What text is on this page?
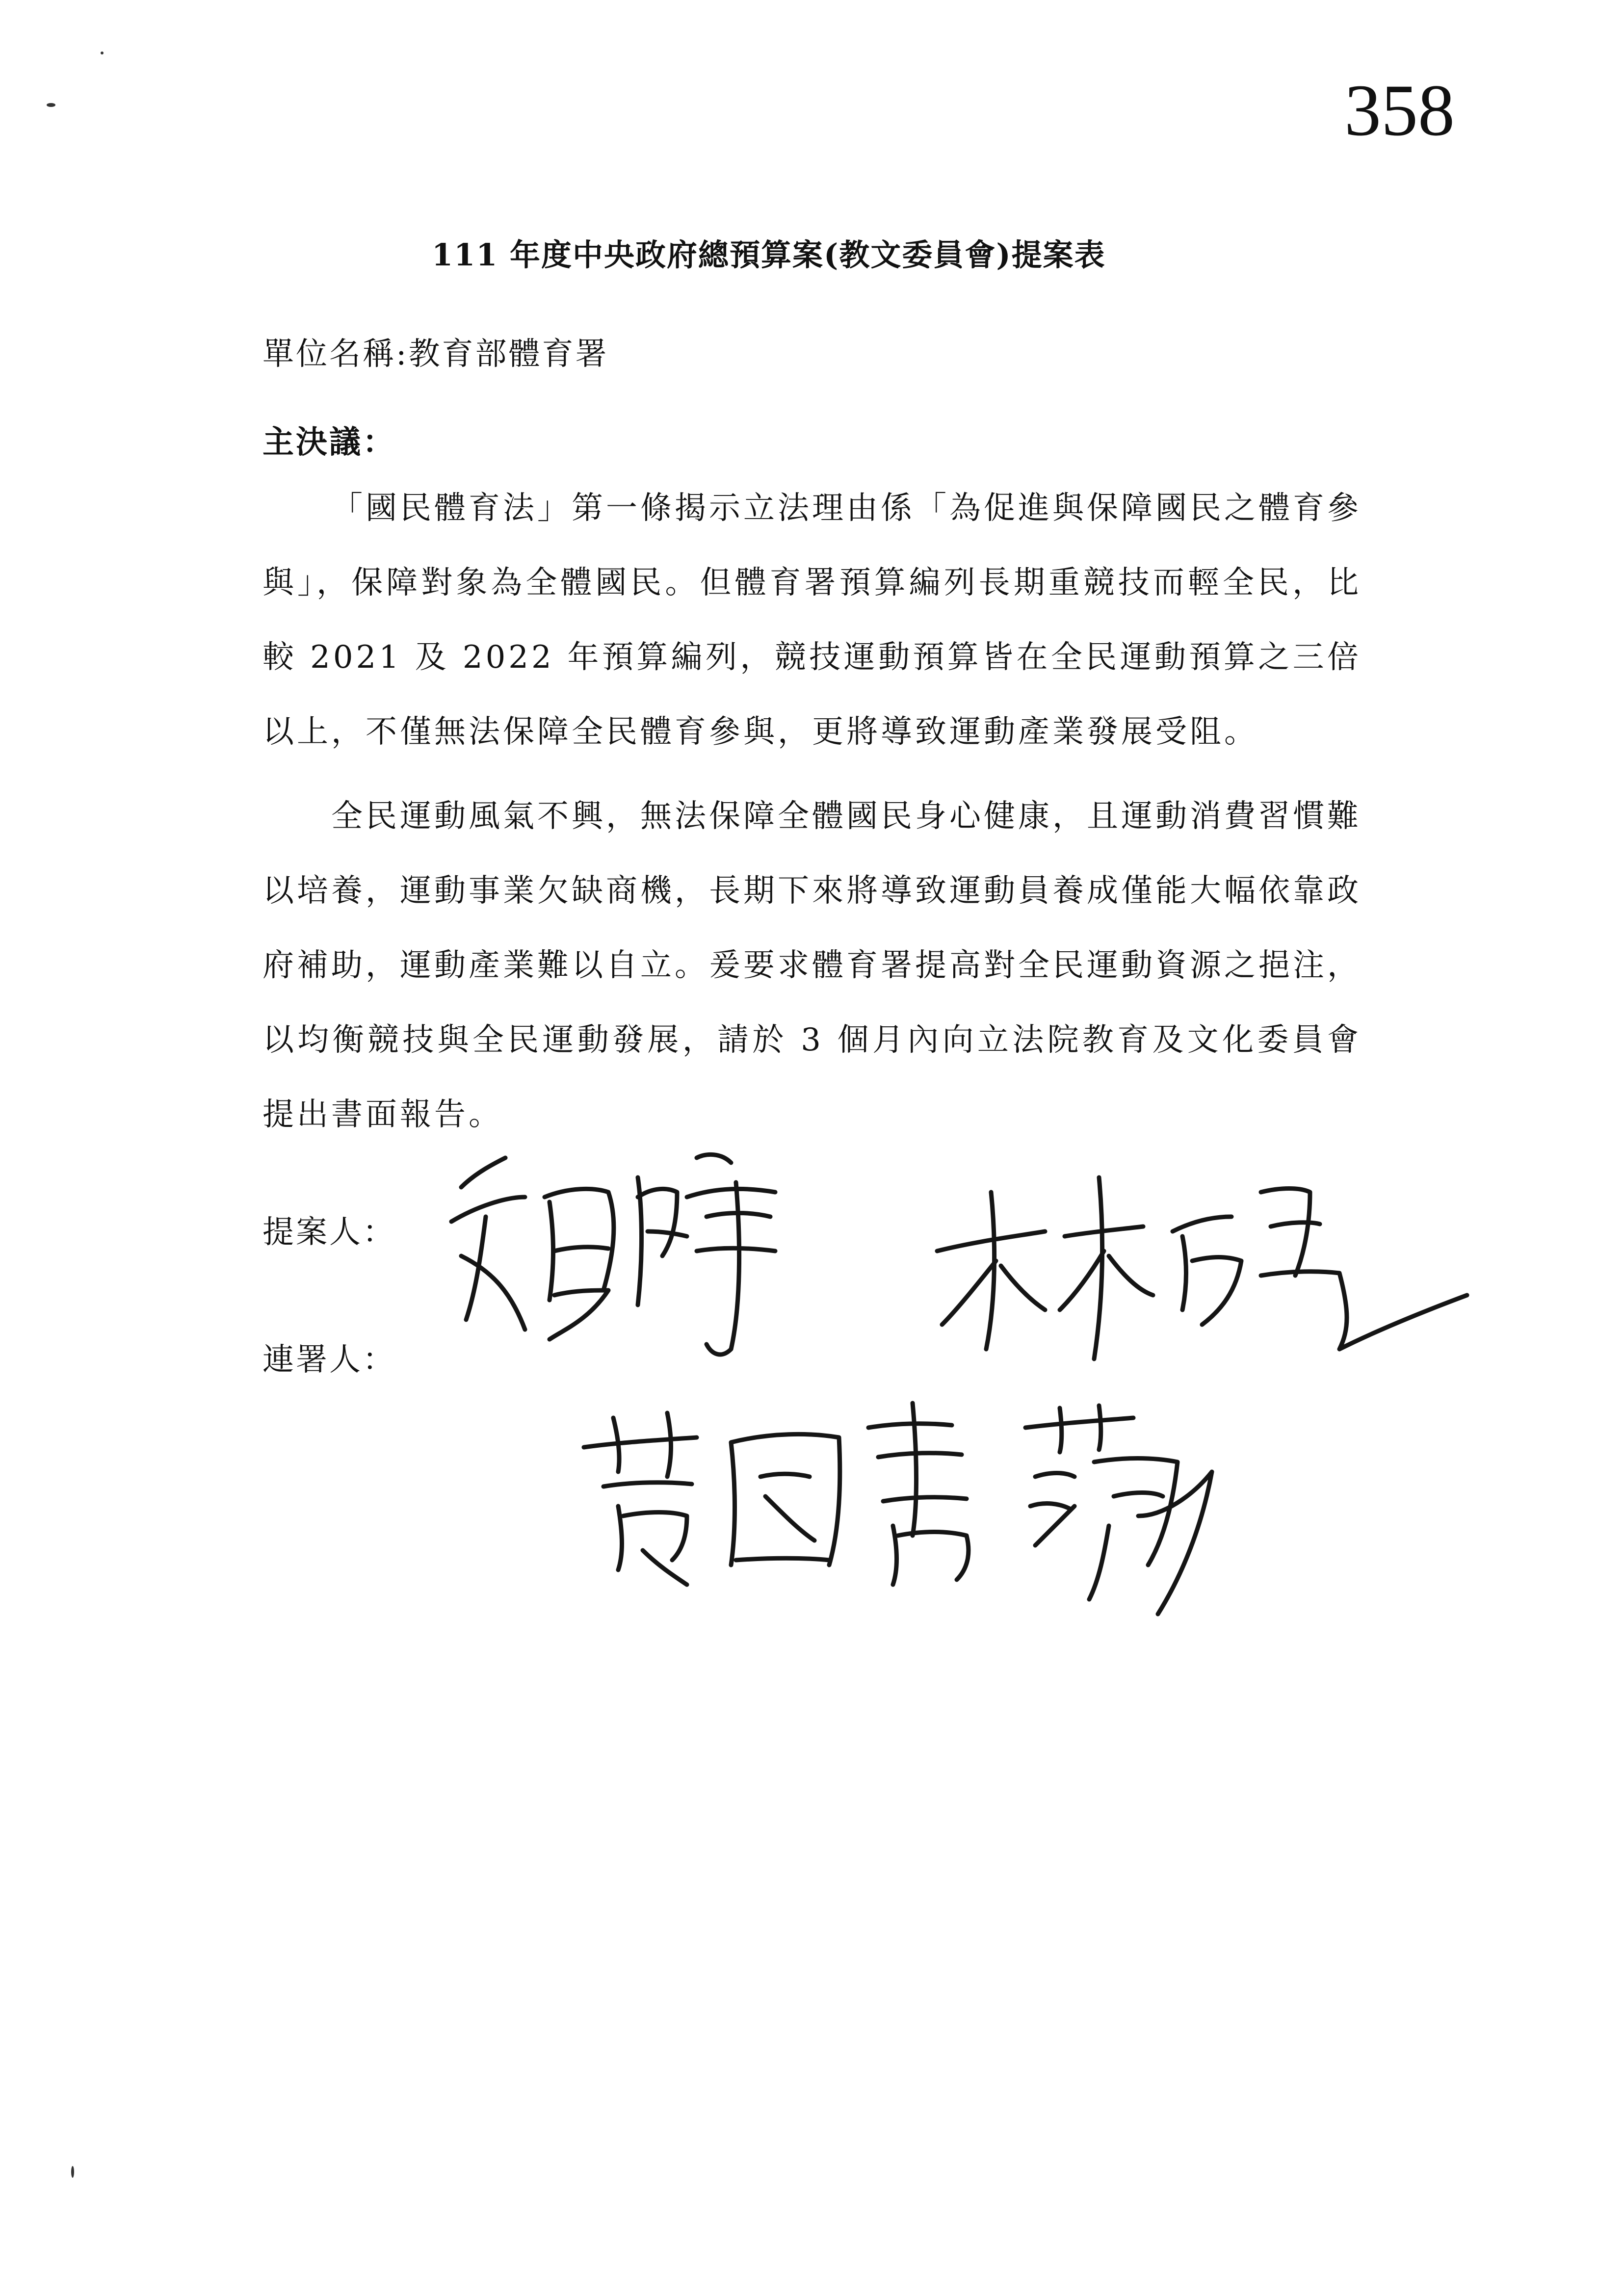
358
111 年度中央政府總預算案(教文委員會)提案表
單位名稱:教育部體育署
主決議：

「國民體育法」第一條揭示立法理由係「為促進與保障國民之體育參與」，保障對象為全體國民。但體育署預算編列長期重競技而輕全民，比較 2021 及 2022 年預算編列，競技運動預算皆在全民運動預算之三倍以上，不僅無法保障全民體育參與，更將導致運動產業發展受阻。

全民運動風氣不興，無法保障全體國民身心健康，且運動消費習慣難以培養，運動事業欠缺商機，長期下來將導致運動員養成僅能大幅依靠政府補助，運動產業難以自立。爰要求體育署提高對全民運動資源之挹注，以均衡競技與全民運動發展，請於 3 個月內向立法院教育及文化委員會提出書面報告。

提案人：
連署人：
